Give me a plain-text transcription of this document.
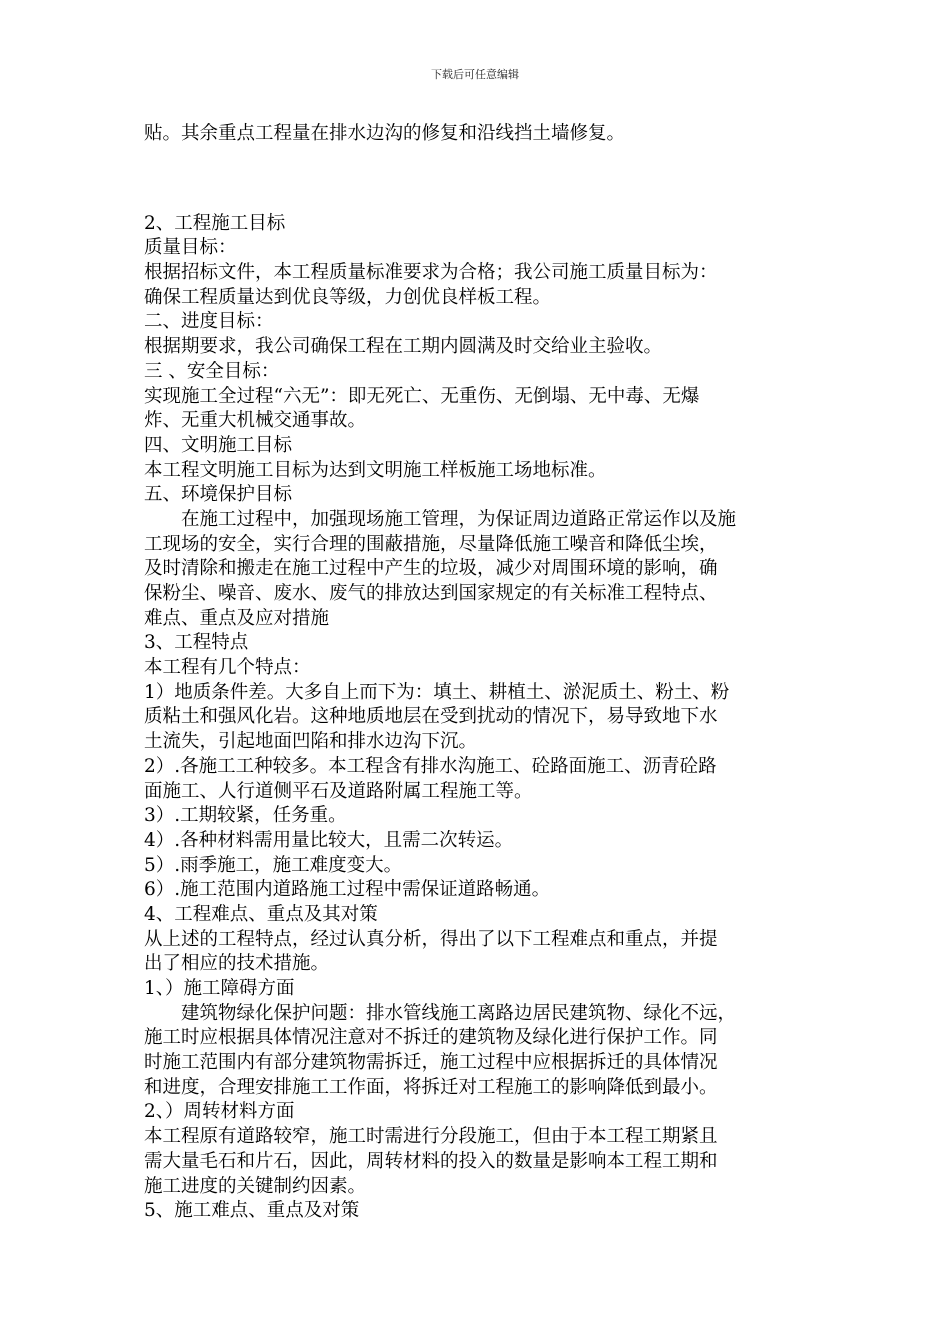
下载后可任意编辑
贴。其余重点工程量在排水边沟的修复和沿线挡土墙修复。
2、工程施工目标
质量目标：
根据招标文件，本工程质量标准要求为合格；我公司施工质量目标为：
确保工程质量达到优良等级，力创优良样板工程。
二、进度目标：
根据期要求，我公司确保工程在工期内圆满及时交给业主验收。
三 、安全目标：
实现施工全过程“六无”：即无死亡、无重伤、无倒塌、无中毒、无爆
炸、无重大机械交通事故。
四、文明施工目标
本工程文明施工目标为达到文明施工样板施工场地标准。
五、环境保护目标
在施工过程中，加强现场施工管理，为保证周边道路正常运作以及施
工现场的安全，实行合理的围蔽措施，尽量降低施工噪音和降低尘埃，
及时清除和搬走在施工过程中产生的垃圾，减少对周围环境的影响，确
保粉尘、噪音、废水、废气的排放达到国家规定的有关标准工程特点、
难点、重点及应对措施
3、工程特点
本工程有几个特点：
1）地质条件差。大多自上而下为：填土、耕植土、淤泥质土、粉土、粉
质粘土和强风化岩。这种地质地层在受到扰动的情况下，易导致地下水
土流失，引起地面凹陷和排水边沟下沉。
2）.各施工工种较多。本工程含有排水沟施工、砼路面施工、沥青砼路
面施工、人行道侧平石及道路附属工程施工等。
3）.工期较紧，任务重。
4）.各种材料需用量比较大，且需二次转运。
5）.雨季施工，施工难度变大。
6）.施工范围内道路施工过程中需保证道路畅通。
4、工程难点、重点及其对策
从上述的工程特点，经过认真分析，得出了以下工程难点和重点，并提
出了相应的技术措施。
1、）施工障碍方面
建筑物绿化保护问题：排水管线施工离路边居民建筑物、绿化不远，
施工时应根据具体情况注意对不拆迁的建筑物及绿化进行保护工作。同
时施工范围内有部分建筑物需拆迁，施工过程中应根据拆迁的具体情况
和进度，合理安排施工工作面，将拆迁对工程施工的影响降低到最小。
2、）周转材料方面
本工程原有道路较窄，施工时需进行分段施工，但由于本工程工期紧且
需大量毛石和片石，因此，周转材料的投入的数量是影响本工程工期和
施工进度的关键制约因素。
5、施工难点、重点及对策
